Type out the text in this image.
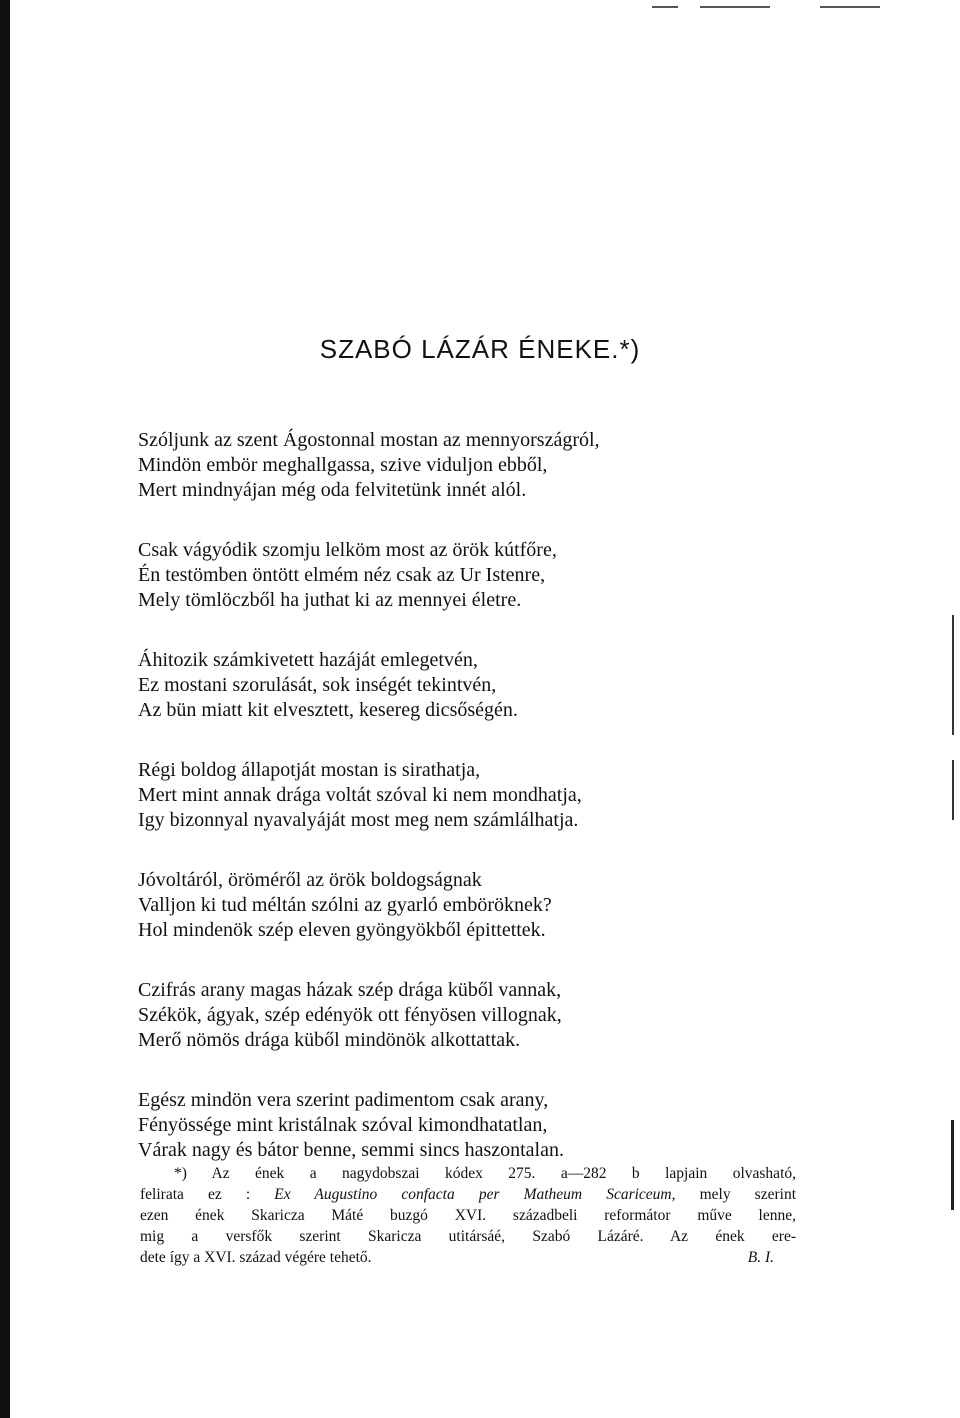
SZABÓ LÁZÁR ÉNEKE.*)
Szóljunk az szent Ágostonnal mostan az mennyországról,
Mindön embör meghallgassa, szive viduljon ebből,
Mert mindnyájan még oda felvitetünk innét alól.
Csak vágyódik szomju lelköm most az örök kútfőre,
Én testömben öntött elmém néz csak az Ur Istenre,
Mely tömlöczből ha juthat ki az mennyei életre.
Áhitozik számkivetett hazáját emlegetvén,
Ez mostani szorulását, sok inségét tekintvén,
Az bün miatt kit elvesztett, kesereg dicsőségén.
Régi boldog állapotját mostan is sirathatja,
Mert mint annak drága voltát szóval ki nem mondhatja,
Igy bizonnyal nyavalyáját most meg nem számlálhatja.
Jóvoltáról, öröméről az örök boldogságnak
Valljon ki tud méltán szólni az gyarló emböröknek?
Hol mindenök szép eleven gyöngyökből épittettek.
Czifrás arany magas házak szép drága küből vannak,
Székök, ágyak, szép edényök ott fényösen villognak,
Merő nömös drága küből mindönök alkottattak.
Egész mindön vera szerint padimentom csak arany,
Fényössége mint kristálnak szóval kimondhatatlan,
Várak nagy és bátor benne, semmi sincs haszontalan.
*) Az ének a nagydobszai kódex 275. a—282 b lapjain olvasható,
felirata ez : Ex Augustino confacta per Matheum Scariceum, mely szerint
ezen ének Skaricza Máté buzgó XVI. századbeli reformátor műve lenne,
mig a versfők szerint Skaricza utitársáé, Szabó Lázáré. Az ének ere-
dete így a XVI. század végére tehető.	B. I.
